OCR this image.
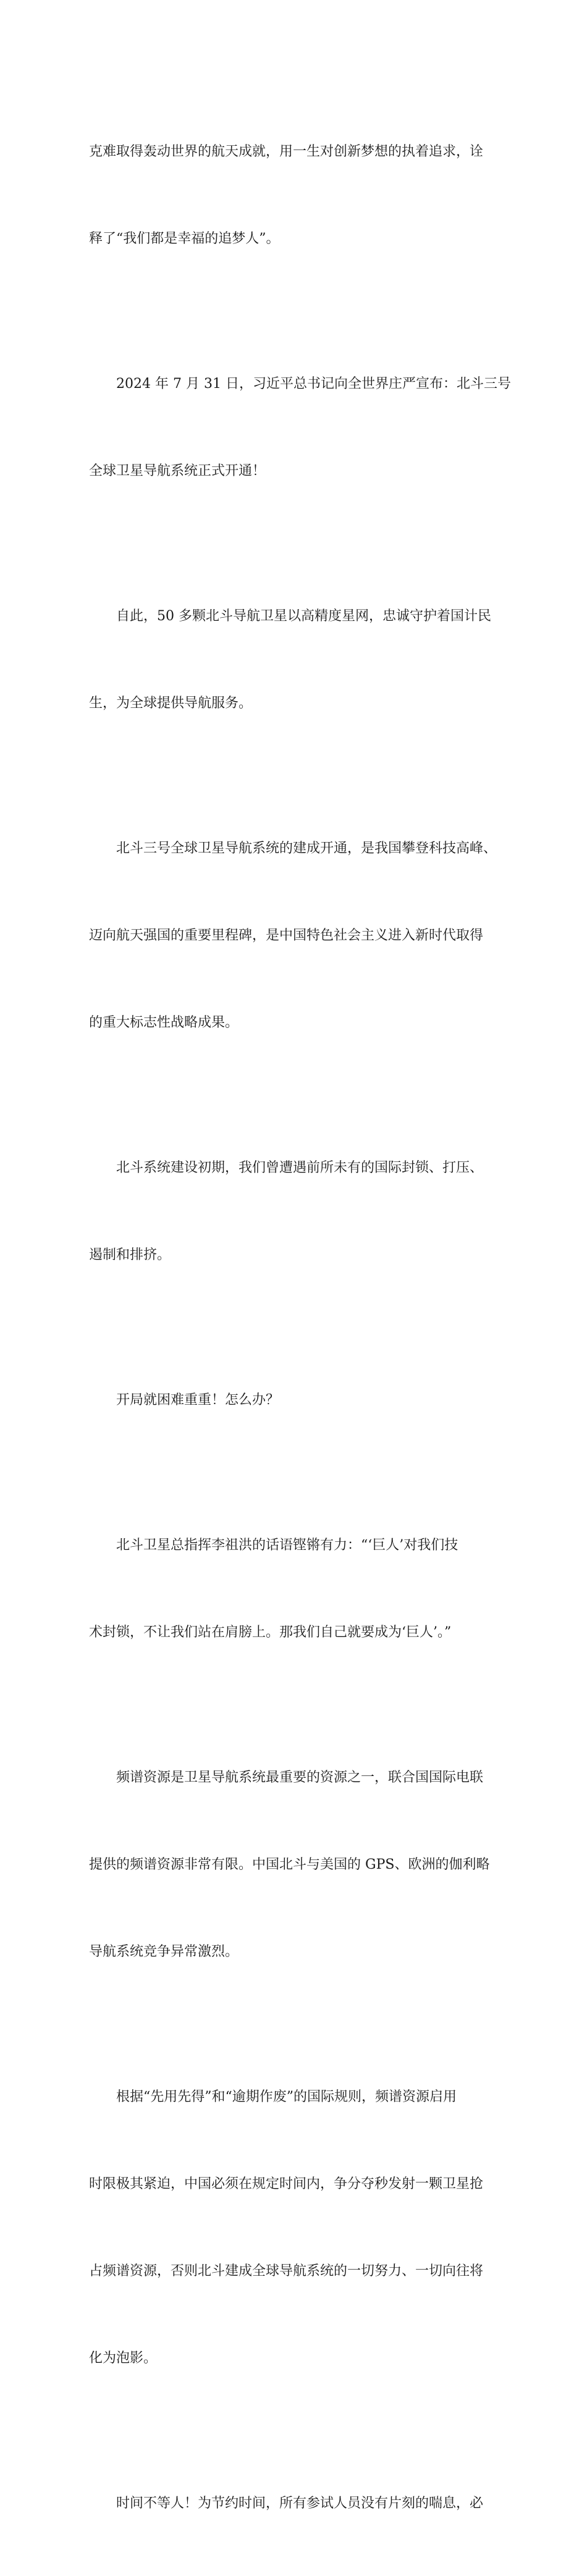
克难取得轰动世界的航天成就，用一生对创新梦想的执着追求，诠

释了“我们都是幸福的追梦人”。

2024 年 7 月 31 日，习近平总书记向全世界庄严宣布：北斗三号

全球卫星导航系统正式开通！

自此，50 多颗北斗导航卫星以高精度星网，忠诚守护着国计民

生，为全球提供导航服务。

北斗三号全球卫星导航系统的建成开通，是我国攀登科技高峰、

迈向航天强国的重要里程碑，是中国特色社会主义进入新时代取得

的重大标志性战略成果。

北斗系统建设初期，我们曾遭遇前所未有的国际封锁、打压、

遏制和排挤。

开局就困难重重！怎么办？

北斗卫星总指挥李祖洪的话语铿锵有力：“‘巨人’对我们技

术封锁，不让我们站在肩膀上。那我们自己就要成为‘巨人’。”

频谱资源是卫星导航系统最重要的资源之一，联合国国际电联

提供的频谱资源非常有限。中国北斗与美国的 GPS、欧洲的伽利略

导航系统竞争异常激烈。

根据“先用先得”和“逾期作废”的国际规则，频谱资源启用

时限极其紧迫，中国必须在规定时间内，争分夺秒发射一颗卫星抢

占频谱资源，否则北斗建成全球导航系统的一切努力、一切向往将

化为泡影。

时间不等人！为节约时间，所有参试人员没有片刻的喘息，必
